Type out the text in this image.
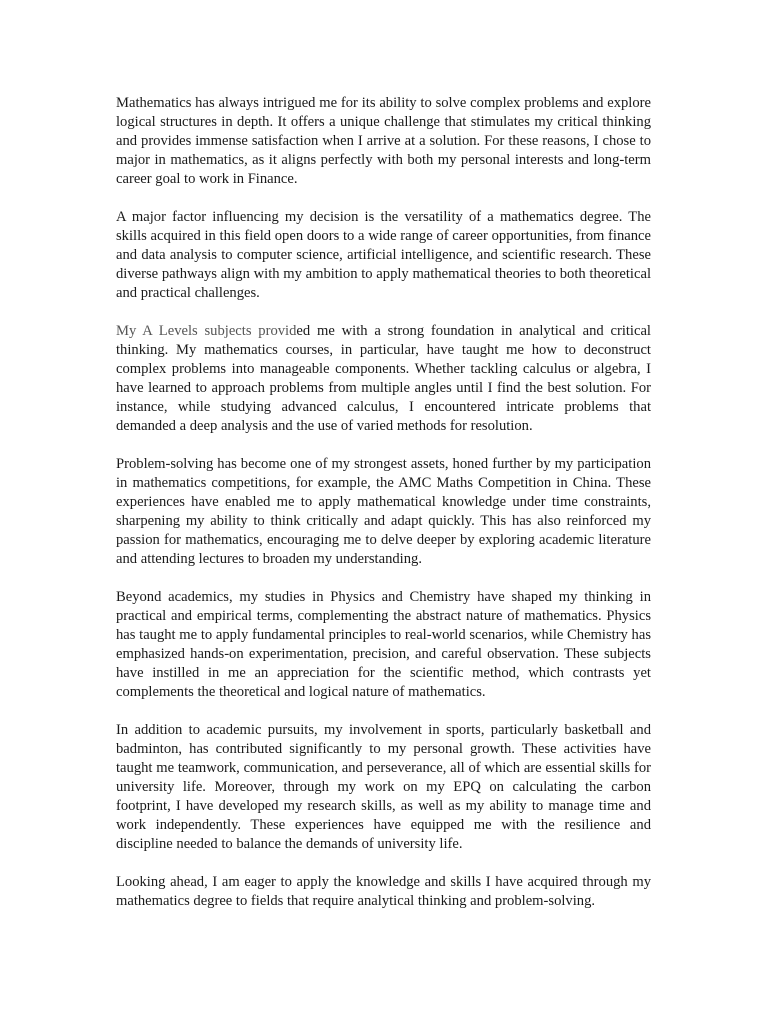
Mathematics has always intrigued me for its ability to solve complex problems and explore logical structures in depth. It offers a unique challenge that stimulates my critical thinking and provides immense satisfaction when I arrive at a solution. For these reasons, I chose to major in mathematics, as it aligns perfectly with both my personal interests and long-term career goal to work in Finance.

A major factor influencing my decision is the versatility of a mathematics degree. The skills acquired in this field open doors to a wide range of career opportunities, from finance and data analysis to computer science, artificial intelligence, and scientific research. These diverse pathways align with my ambition to apply mathematical theories to both theoretical and practical challenges.

My A Levels subjects provided me with a strong foundation in analytical and critical thinking. My mathematics courses, in particular, have taught me how to deconstruct complex problems into manageable components. Whether tackling calculus or algebra, I have learned to approach problems from multiple angles until I find the best solution. For instance, while studying advanced calculus, I encountered intricate problems that demanded a deep analysis and the use of varied methods for resolution.

Problem-solving has become one of my strongest assets, honed further by my participation in mathematics competitions, for example, the AMC Maths Competition in China. These experiences have enabled me to apply mathematical knowledge under time constraints, sharpening my ability to think critically and adapt quickly. This has also reinforced my passion for mathematics, encouraging me to delve deeper by exploring academic literature and attending lectures to broaden my understanding.

Beyond academics, my studies in Physics and Chemistry have shaped my thinking in practical and empirical terms, complementing the abstract nature of mathematics. Physics has taught me to apply fundamental principles to real-world scenarios, while Chemistry has emphasized hands-on experimentation, precision, and careful observation. These subjects have instilled in me an appreciation for the scientific method, which contrasts yet complements the theoretical and logical nature of mathematics.

In addition to academic pursuits, my involvement in sports, particularly basketball and badminton, has contributed significantly to my personal growth. These activities have taught me teamwork, communication, and perseverance, all of which are essential skills for university life. Moreover, through my work on my EPQ on calculating the carbon footprint, I have developed my research skills, as well as my ability to manage time and work independently. These experiences have equipped me with the resilience and discipline needed to balance the demands of university life.

Looking ahead, I am eager to apply the knowledge and skills I have acquired through my mathematics degree to fields that require analytical thinking and problem-solving.
